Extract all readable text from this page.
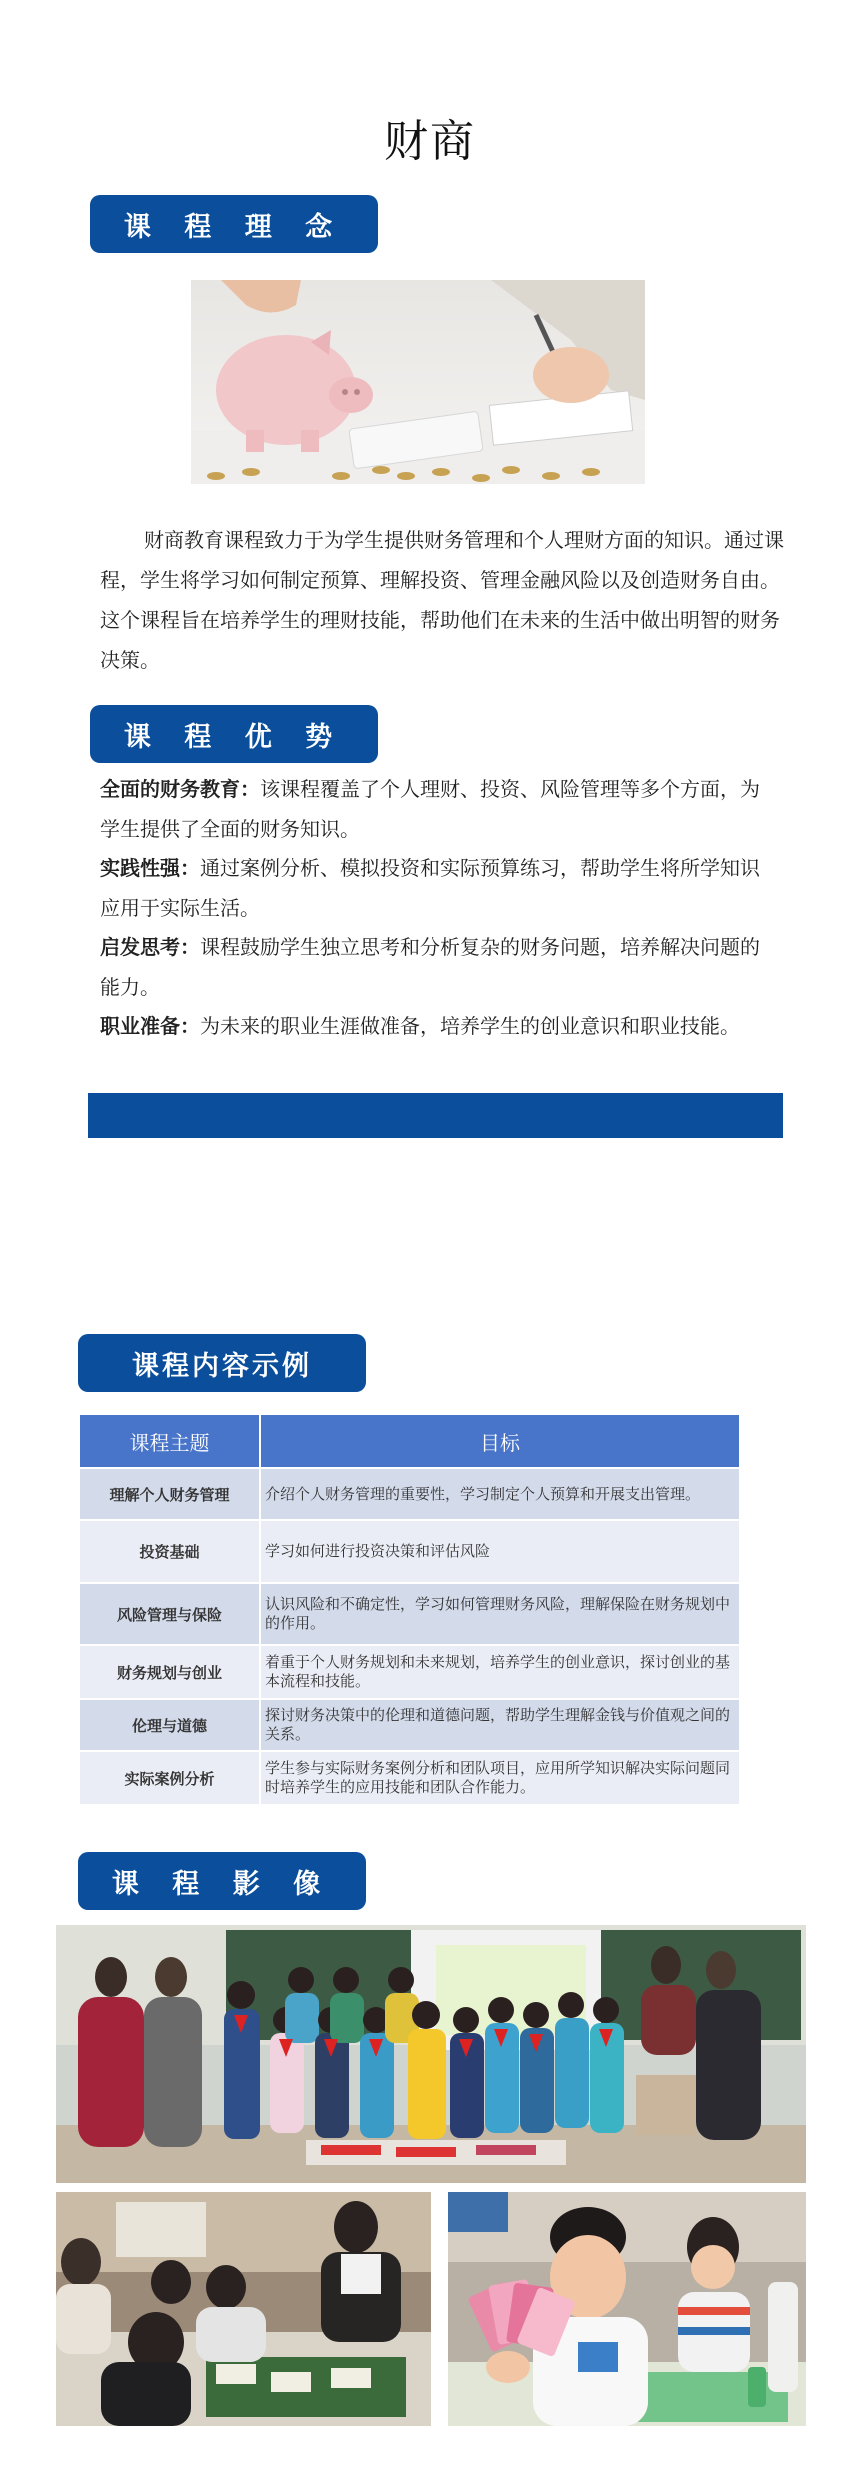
财商
课 程 理 念
财商教育课程致力于为学生提供财务管理和个人理财方面的知识。通过课程，学生将学习如何制定预算、理解投资、管理金融风险以及创造财务自由。这个课程旨在培养学生的理财技能，帮助他们在未来的生活中做出明智的财务决策。
课 程 优 势

全面的财务教育：该课程覆盖了个人理财、投资、风险管理等多个方面，为学生提供了全面的财务知识。

实践性强：通过案例分析、模拟投资和实际预算练习，帮助学生将所学知识应用于实际生活。

启发思考：课程鼓励学生独立思考和分析复杂的财务问题，培养解决问题的能力。

职业准备：为未来的职业生涯做准备，培养学生的创业意识和职业技能。

课程内容示例
课程主题	目标
理解个人财务管理	介绍个人财务管理的重要性，学习制定个人预算和开展支出管理。
投资基础	学习如何进行投资决策和评估风险
风险管理与保险	认识风险和不确定性，学习如何管理财务风险，理解保险在财务规划中的作用。
财务规划与创业	着重于个人财务规划和未来规划，培养学生的创业意识，探讨创业的基本流程和技能。
伦理与道德	探讨财务决策中的伦理和道德问题，帮助学生理解金钱与价值观之间的关系。
实际案例分析	学生参与实际财务案例分析和团队项目，应用所学知识解决实际问题同时培养学生的应用技能和团队合作能力。
课 程 影 像
